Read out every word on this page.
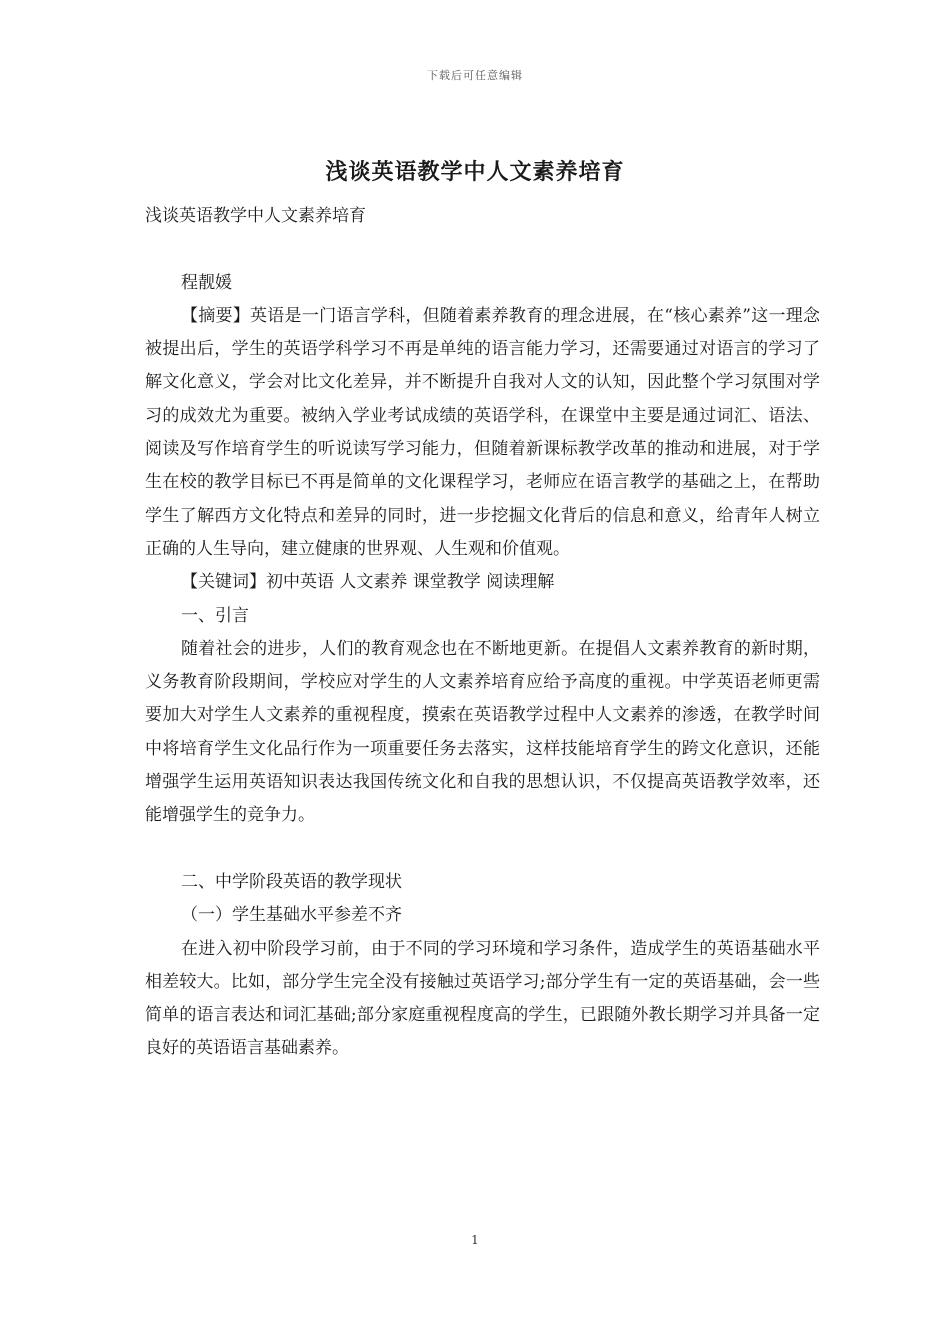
下载后可任意编辑
浅谈英语教学中人文素养培育

浅谈英语教学中人文素养培育

程靓媛

【摘要】英语是一门语言学科，但随着素养教育的理念进展，在“核心素养”这一理念被提出后，学生的英语学科学习不再是单纯的语言能力学习，还需要通过对语言的学习了解文化意义，学会对比文化差异，并不断提升自我对人文的认知，因此整个学习氛围对学习的成效尤为重要。被纳入学业考试成绩的英语学科，在课堂中主要是通过词汇、语法、阅读及写作培育学生的听说读写学习能力，但随着新课标教学改革的推动和进展，对于学生在校的教学目标已不再是简单的文化课程学习，老师应在语言教学的基础之上，在帮助学生了解西方文化特点和差异的同时，进一步挖掘文化背后的信息和意义，给青年人树立正确的人生导向，建立健康的世界观、人生观和价值观。

【关键词】初中英语 人文素养 课堂教学 阅读理解

一、引言

随着社会的进步，人们的教育观念也在不断地更新。在提倡人文素养教育的新时期，义务教育阶段期间，学校应对学生的人文素养培育应给予高度的重视。中学英语老师更需要加大对学生人文素养的重视程度，摸索在英语教学过程中人文素养的渗透，在教学时间中将培育学生文化品行作为一项重要任务去落实，这样技能培育学生的跨文化意识，还能增强学生运用英语知识表达我国传统文化和自我的思想认识，不仅提高英语教学效率，还能增强学生的竞争力。

二、中学阶段英语的教学现状

（一）学生基础水平参差不齐

在进入初中阶段学习前，由于不同的学习环境和学习条件，造成学生的英语基础水平相差较大。比如，部分学生完全没有接触过英语学习;部分学生有一定的英语基础，会一些简单的语言表达和词汇基础;部分家庭重视程度高的学生，已跟随外教长期学习并具备一定良好的英语语言基础素养。

1
